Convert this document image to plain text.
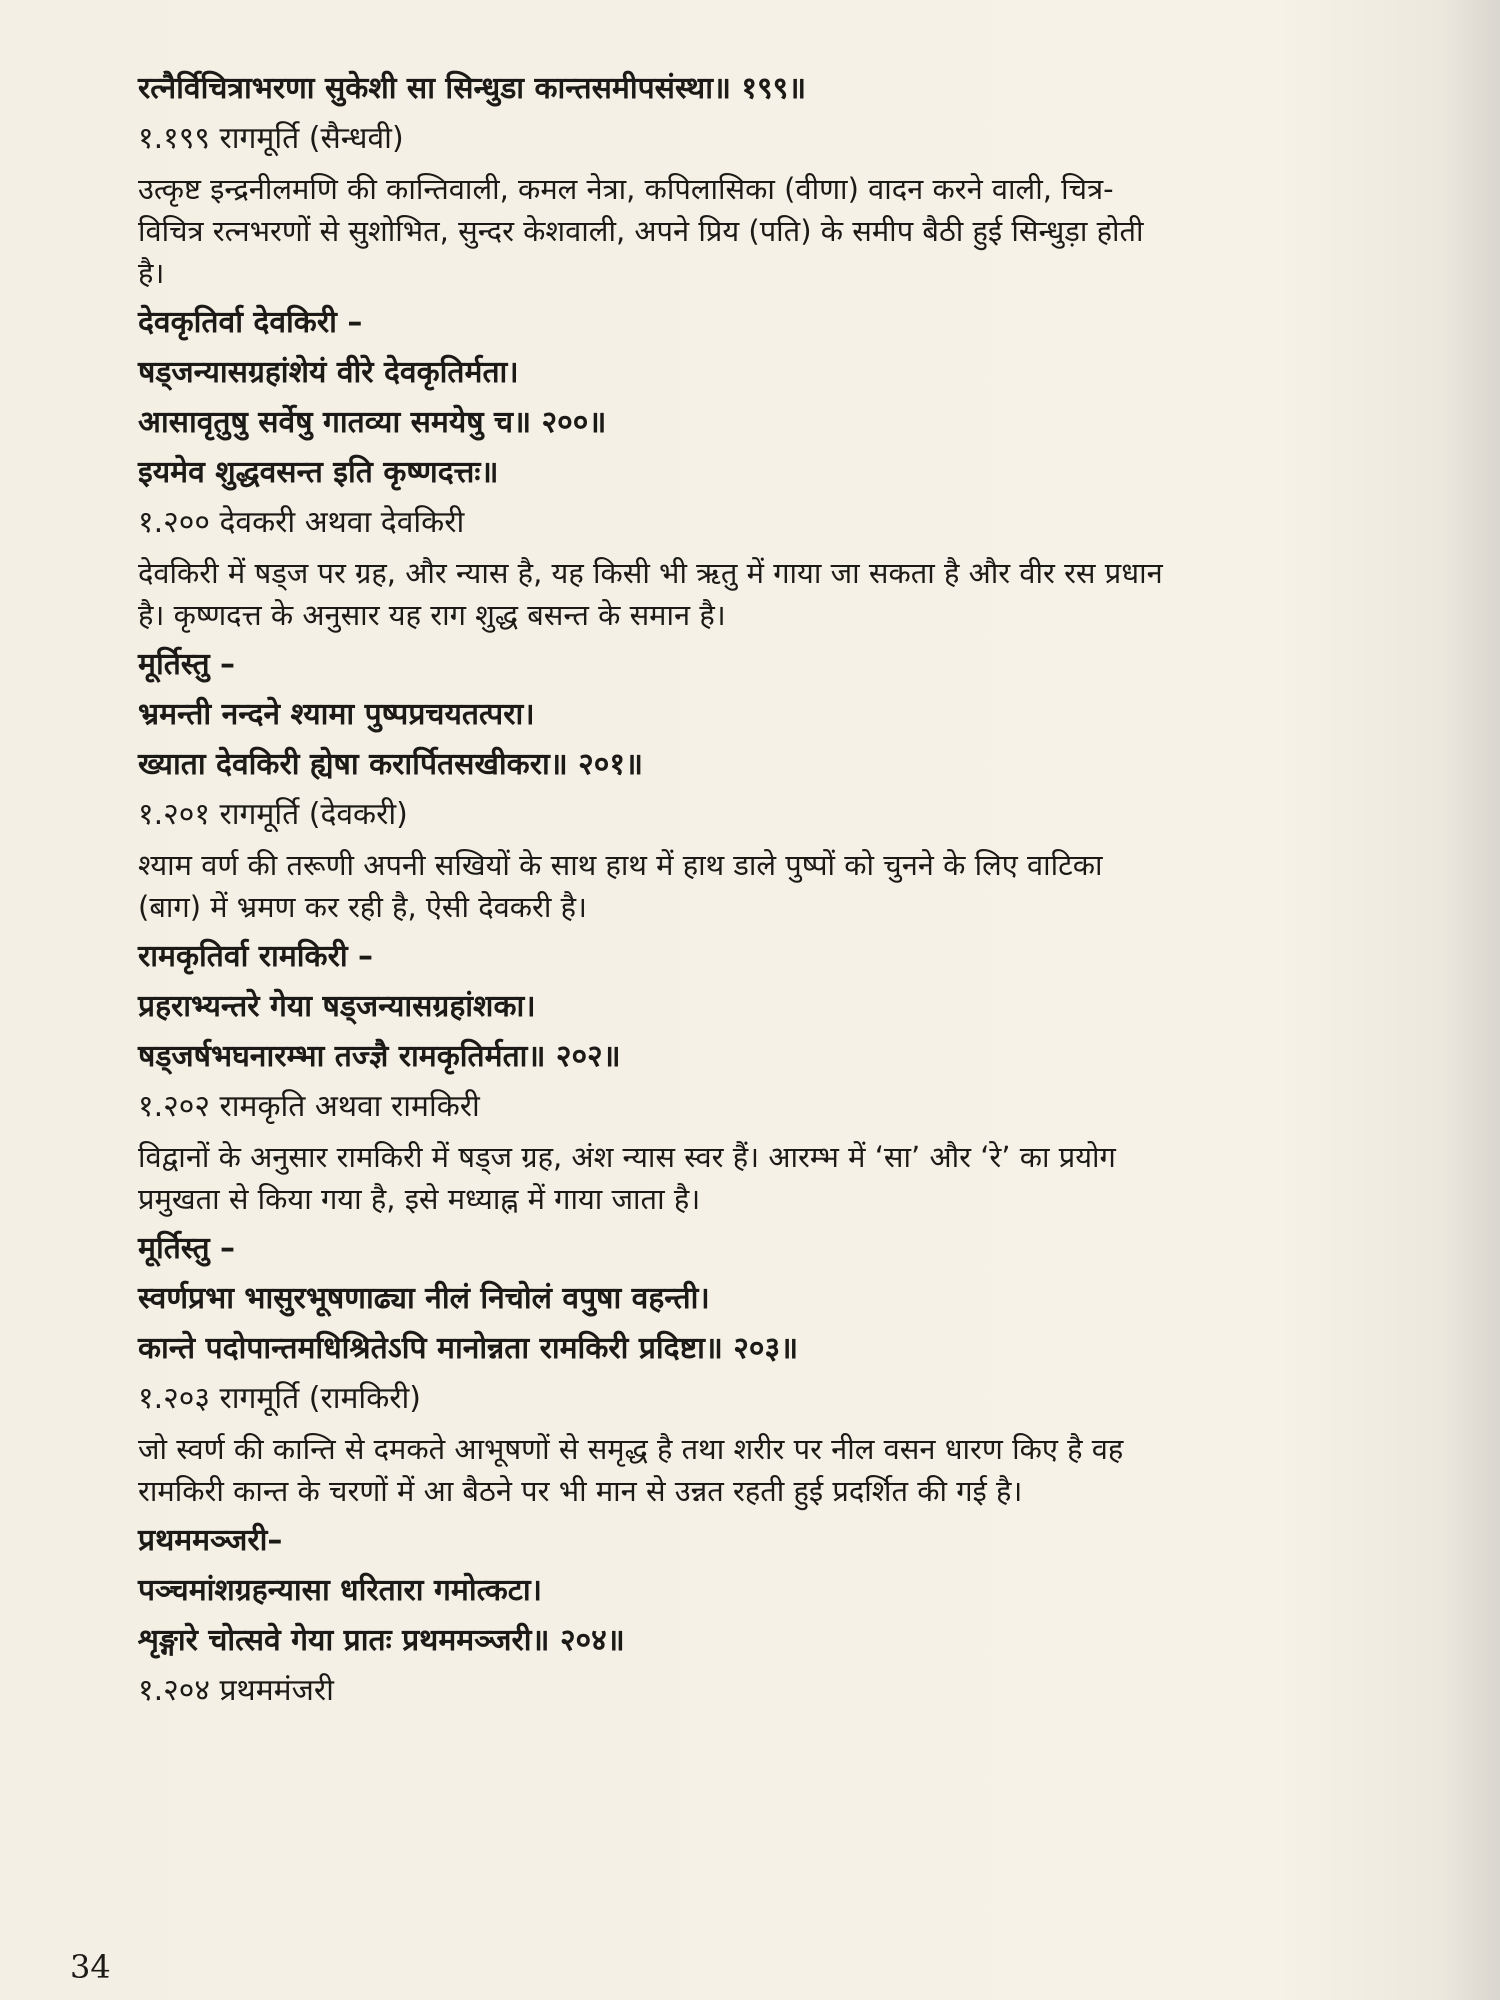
रत्नैर्विचित्राभरणा सुकेशी सा सिन्धुडा कान्तसमीपसंस्था॥ १९९॥

१.१९९ रागमूर्ति (सैन्धवी)

उत्कृष्ट इन्द्रनीलमणि की कान्तिवाली, कमल नेत्रा, कपिलासिका (वीणा) वादन करने वाली, चित्र-

विचित्र रत्नभरणों से सुशोभित, सुन्दर केशवाली, अपने प्रिय (पति) के समीप बैठी हुई सिन्धुड़ा होती

है।

देवकृतिर्वा देवकिरी –

षड्जन्यासग्रहांशेयं वीरे देवकृतिर्मता।

आसावृतुषु सर्वेषु गातव्या समयेषु च॥ २००॥

इयमेव शुद्धवसन्त इति कृष्णदत्तः॥

१.२०० देवकरी अथवा देवकिरी

देवकिरी में षड्ज पर ग्रह, और न्यास है, यह किसी भी ऋतु में गाया जा सकता है और वीर रस प्रधान

है। कृष्णदत्त के अनुसार यह राग शुद्ध बसन्त के समान है।

मूर्तिस्तु –

भ्रमन्ती नन्दने श्यामा पुष्पप्रचयतत्परा।

ख्याता देवकिरी ह्येषा करार्पितसखीकरा॥ २०१॥

१.२०१ रागमूर्ति (देवकरी)

श्याम वर्ण की तरूणी अपनी सखियों के साथ हाथ में हाथ डाले पुष्पों को चुनने के लिए वाटिका

(बाग) में भ्रमण कर रही है, ऐसी देवकरी है।

रामकृतिर्वा रामकिरी –

प्रहराभ्यन्तरे गेया षड्जन्यासग्रहांशका।

षड्जर्षभघनारम्भा तज्ज्ञै रामकृतिर्मता॥ २०२॥

१.२०२ रामकृति अथवा रामकिरी

विद्वानों के अनुसार रामकिरी में षड्ज ग्रह, अंश न्यास स्वर हैं। आरम्भ में ‘सा’ और ‘रे’ का प्रयोग

प्रमुखता से किया गया है, इसे मध्याह्न में गाया जाता है।

मूर्तिस्तु –

स्वर्णप्रभा भासुरभूषणाढ्या नीलं निचोलं वपुषा वहन्ती।

कान्ते पदोपान्तमधिश्रितेऽपि मानोन्नता रामकिरी प्रदिष्टा॥ २०३॥

१.२०३ रागमूर्ति (रामकिरी)

जो स्वर्ण की कान्ति से दमकते आभूषणों से समृद्ध है तथा शरीर पर नील वसन धारण किए है वह

रामकिरी कान्त के चरणों में आ बैठने पर भी मान से उन्नत रहती हुई प्रदर्शित की गई है।

प्रथममञ्जरी–

पञ्चमांशग्रहन्यासा धरितारा गमोत्कटा।

शृङ्गारे चोत्सवे गेया प्रातः प्रथममञ्जरी॥ २०४॥

१.२०४ प्रथममंजरी

34
